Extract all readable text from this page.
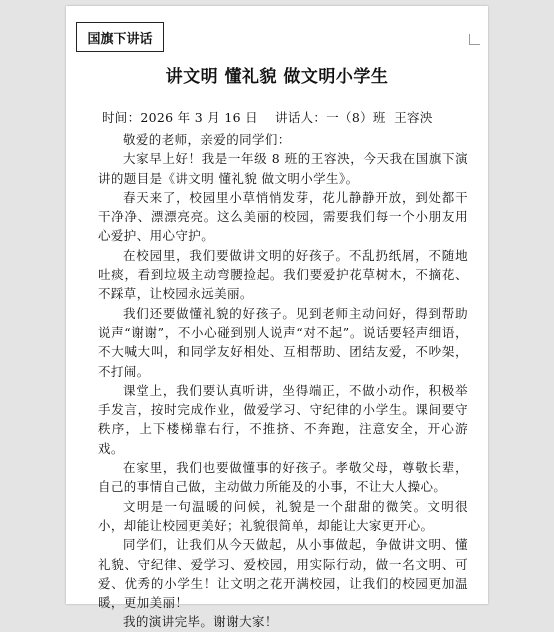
国旗下讲话
讲文明 懂礼貌 做文明小学生
时间：2026 年 3 月 16 日    讲话人：一（8）班  王容泱

敬爱的老师，亲爱的同学们：

大家早上好！我是一年级 8 班的王容泱，今天我在国旗下演讲的题目是《讲文明 懂礼貌 做文明小学生》。

春天来了，校园里小草悄悄发芽，花儿静静开放，到处都干干净净、漂漂亮亮。这么美丽的校园，需要我们每一个小朋友用心爱护、用心守护。

在校园里，我们要做讲文明的好孩子。不乱扔纸屑，不随地吐痰，看到垃圾主动弯腰捡起。我们要爱护花草树木，不摘花、不踩草，让校园永远美丽。

我们还要做懂礼貌的好孩子。见到老师主动问好，得到帮助说声“谢谢”，不小心碰到别人说声“对不起”。说话要轻声细语，不大喊大叫，和同学友好相处、互相帮助、团结友爱，不吵架，不打闹。

课堂上，我们要认真听讲，坐得端正，不做小动作，积极举手发言，按时完成作业，做爱学习、守纪律的小学生。课间要守秩序，上下楼梯靠右行，不推挤、不奔跑，注意安全，开心游戏。

在家里，我们也要做懂事的好孩子。孝敬父母，尊敬长辈，自己的事情自己做，主动做力所能及的小事，不让大人操心。

文明是一句温暖的问候，礼貌是一个甜甜的微笑。文明很小，却能让校园更美好；礼貌很简单，却能让大家更开心。

同学们，让我们从今天做起，从小事做起，争做讲文明、懂礼貌、守纪律、爱学习、爱校园，用实际行动，做一名文明、可爱、优秀的小学生！让文明之花开满校园，让我们的校园更加温暖，更加美丽！

我的演讲完毕。谢谢大家！
